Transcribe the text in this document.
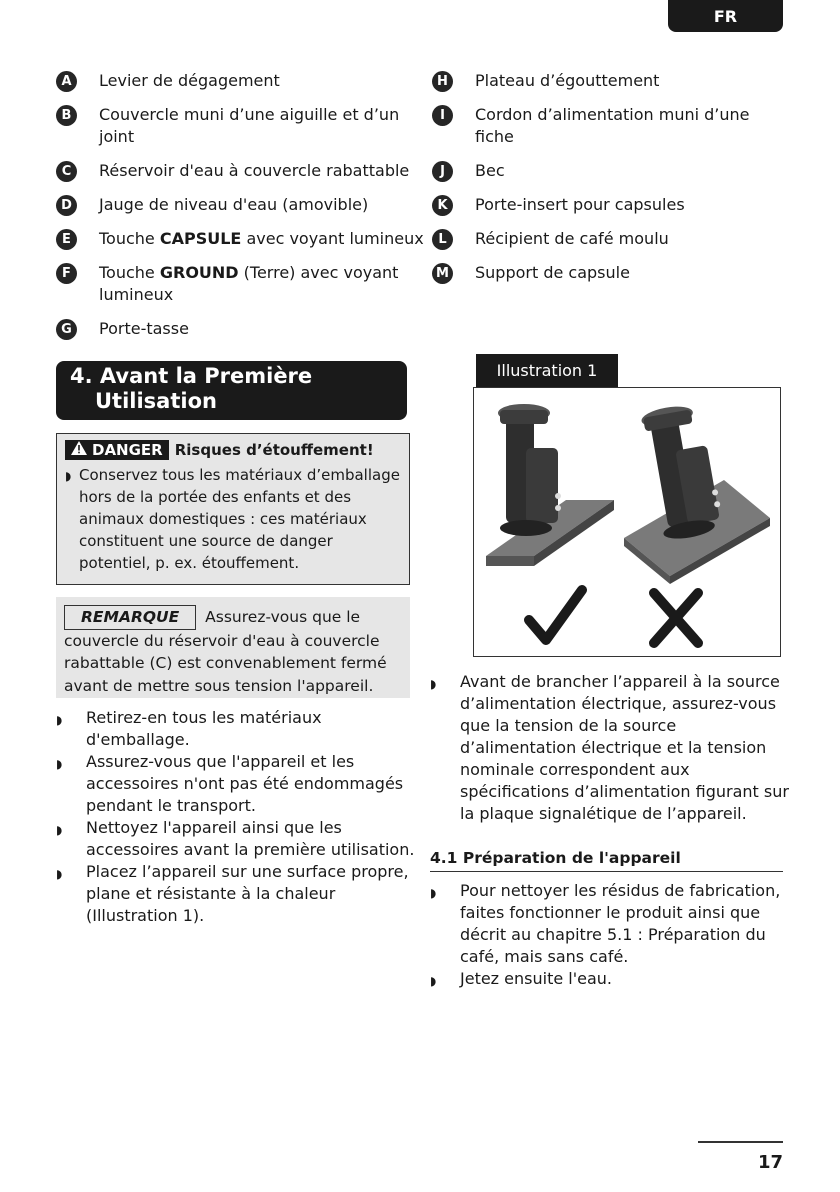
FR
A	Levier de dégagement
B	Couvercle muni d’une aiguille et d’un joint
C	Réservoir d'eau à couvercle rabattable
D	Jauge de niveau d'eau (amovible)
E	Touche CAPSULE avec voyant lumineux
F	Touche GROUND (Terre) avec voyant lumineux
G	Porte-tasse
H	Plateau d’égouttement
I	Cordon d’alimentation muni d’une fiche
J	Bec
K	Porte-insert pour capsules
L	Récipient de café moulu
M Support de capsule
4. Avant la Première
Utilisation
DANGER Risques d’étouffement!
◗ Conservez tous les matériaux d’emballage hors de la portée des enfants et des animaux domestiques : ces matériaux constituent une source de danger potentiel, p. ex. étouffement.
REMARQUE Assurez-vous que le couvercle du réservoir d'eau à couvercle rabattable (C) est convenablement fermé avant de mettre sous tension l'appareil.
◗	Retirez-en tous les matériaux d'emballage.
◗	Assurez-vous que l'appareil et les accessoires n'ont pas été endommagés pendant le transport.
◗	Nettoyez l'appareil ainsi que les accessoires avant la première utilisation.
◗	Placez l’appareil sur une surface propre, plane et résistante à la chaleur (Illustration 1).
Illustration 1
◗	Avant de brancher l’appareil à la source d’alimentation électrique, assurez-vous que la tension de la source d’alimentation électrique et la tension nominale correspondent aux spécifications d’alimentation figurant sur la plaque signalétique de l’appareil.
4.1 Préparation de l'appareil
◗	Pour nettoyer les résidus de fabrication, faites fonctionner le produit ainsi que décrit au chapitre 5.1 : Préparation du café, mais sans café.
◗	Jetez ensuite l'eau.
17
